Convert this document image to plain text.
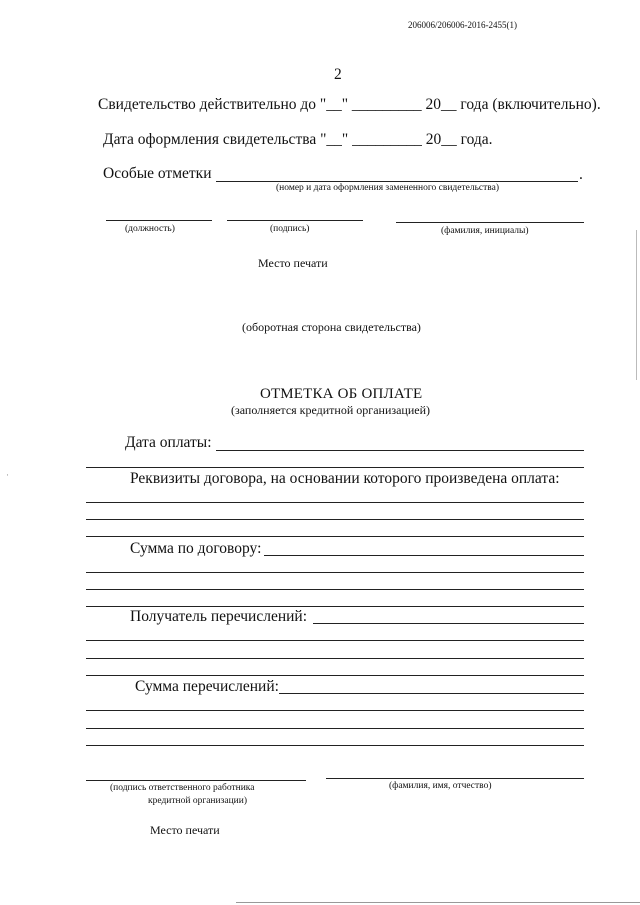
206006/206006-2016-2455(1)
2
Свидетельство действительно до "__" _________ 20__ года (включительно).
Дата оформления свидетельства "__" _________ 20__ года.
Особые отметки	.
(номер и дата оформления замененного свидетельства)
(должность)	(подпись)	(фамилия, инициалы)
Место печати
(оборотная сторона свидетельства)
ОТМЕТКА ОБ ОПЛАТЕ
(заполняется кредитной организацией)
Дата оплаты:
Реквизиты договора, на основании которого произведена оплата:
Сумма по договору:
Получатель перечислений:
Сумма перечислений:
(подпись ответственного работника
кредитной организации)
(фамилия, имя, отчество)
Место печати
·
